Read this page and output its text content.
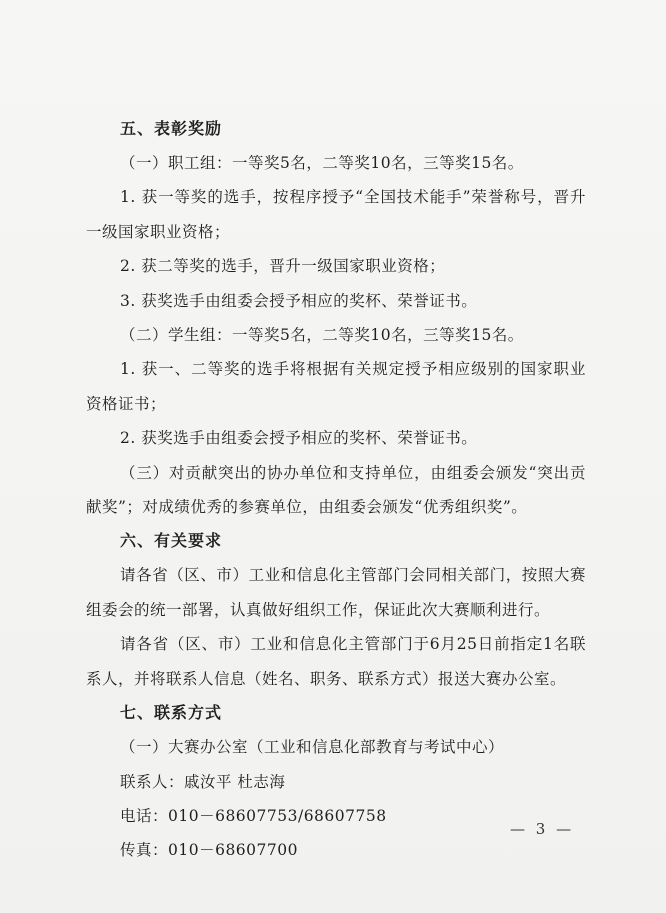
五、表彰奖励
（一）职工组：一等奖5名，二等奖10名，三等奖15名。
1. 获一等奖的选手，按程序授予“全国技术能手”荣誉称号，晋升一级国家职业资格；
2. 获二等奖的选手，晋升一级国家职业资格；
3. 获奖选手由组委会授予相应的奖杯、荣誉证书。
（二）学生组：一等奖5名，二等奖10名，三等奖15名。
1. 获一、二等奖的选手将根据有关规定授予相应级别的国家职业资格证书；
2. 获奖选手由组委会授予相应的奖杯、荣誉证书。
（三）对贡献突出的协办单位和支持单位，由组委会颁发“突出贡献奖”；对成绩优秀的参赛单位，由组委会颁发“优秀组织奖”。
六、有关要求
请各省（区、市）工业和信息化主管部门会同相关部门，按照大赛组委会的统一部署，认真做好组织工作，保证此次大赛顺利进行。
请各省（区、市）工业和信息化主管部门于6月25日前指定1名联系人，并将联系人信息（姓名、职务、联系方式）报送大赛办公室。
七、联系方式
（一）大赛办公室（工业和信息化部教育与考试中心）
联系人：戚汝平 杜志海
电话：010－68607753/68607758
传真：010－68607700
— 3 —
